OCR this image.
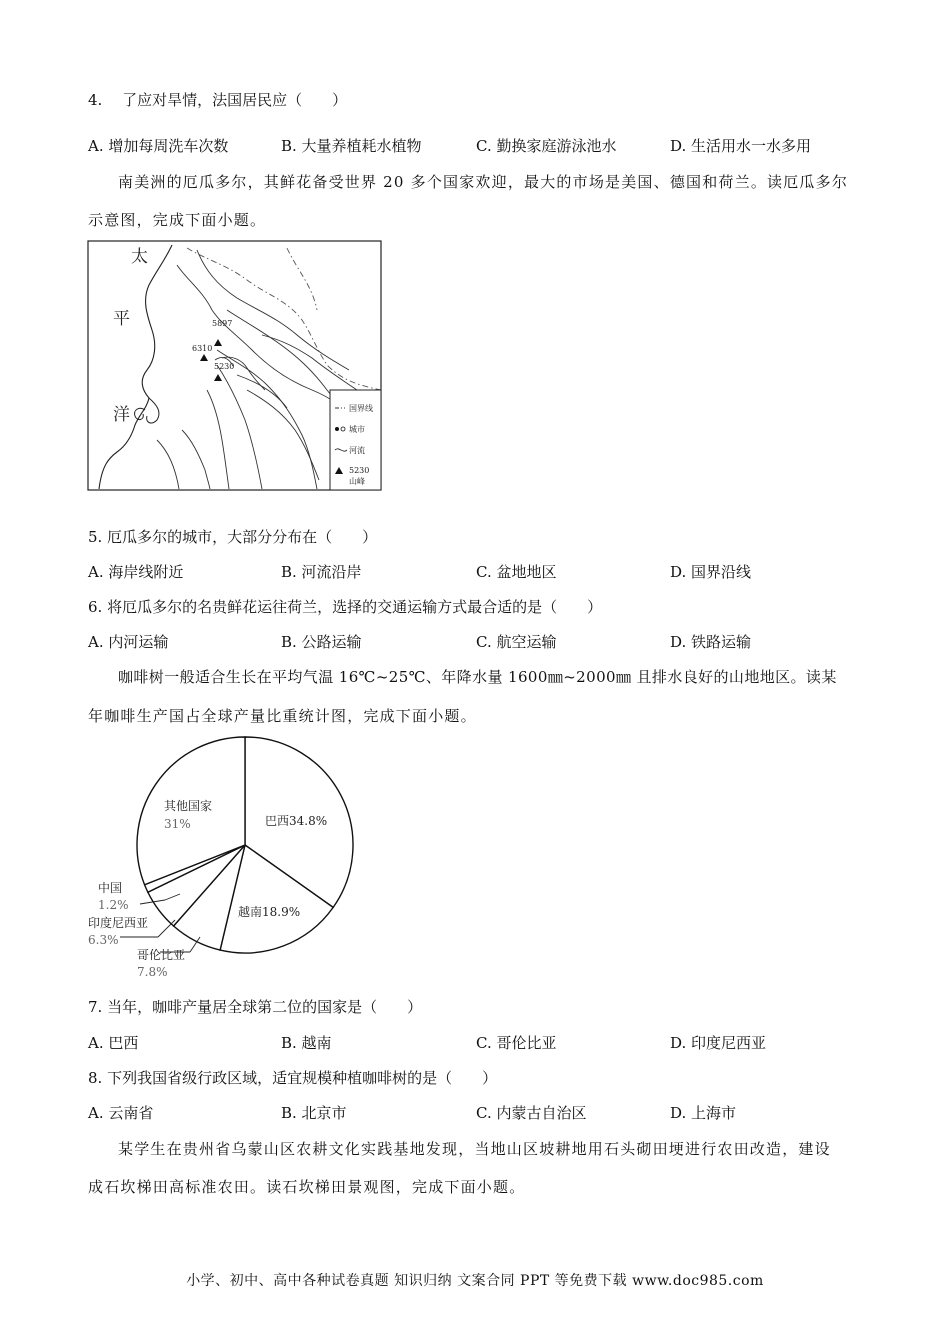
4.　 了应对旱情，法国居民应（　　）
A. 增加每周洗车次数	B. 大量养植耗水植物	C. 勤换家庭游泳池水	D. 生活用水一水多用
南美洲的厄瓜多尔，其鲜花备受世界 20 多个国家欢迎，最大的市场是美国、德国和荷兰。读厄瓜多尔
示意图，完成下面小题。
太
平
洋
5897
6310
5230
国界线
城市
河流
5230
山峰
5. 厄瓜多尔的城市，大部分分布在（　　）
A. 海岸线附近	B. 河流沿岸	C. 盆地地区	D. 国界沿线
6. 将厄瓜多尔的名贵鲜花运往荷兰，选择的交通运输方式最合适的是（　　）
A. 内河运输	B. 公路运输	C. 航空运输	D. 铁路运输
咖啡树一般适合生长在平均气温 16℃~25℃、年降水量 1600㎜~2000㎜ 且排水良好的山地地区。读某
年咖啡生产国占全球产量比重统计图，完成下面小题。
巴西34.8%
越南18.9%
其他国家
31%
中国
1.2%
印度尼西亚
6.3%
哥伦比亚
7.8%
7. 当年，咖啡产量居全球第二位的国家是（　　）
A. 巴西	B. 越南	C. 哥伦比亚	D. 印度尼西亚
8. 下列我国省级行政区域，适宜规模种植咖啡树的是（　　）
A. 云南省	B. 北京市	C. 内蒙古自治区	D. 上海市
某学生在贵州省乌蒙山区农耕文化实践基地发现，当地山区坡耕地用石头砌田埂进行农田改造，建设
成石坎梯田高标准农田。读石坎梯田景观图，完成下面小题。
小学、初中、高中各种试卷真题 知识归纳 文案合同 PPT 等免费下载 www.doc985.com
